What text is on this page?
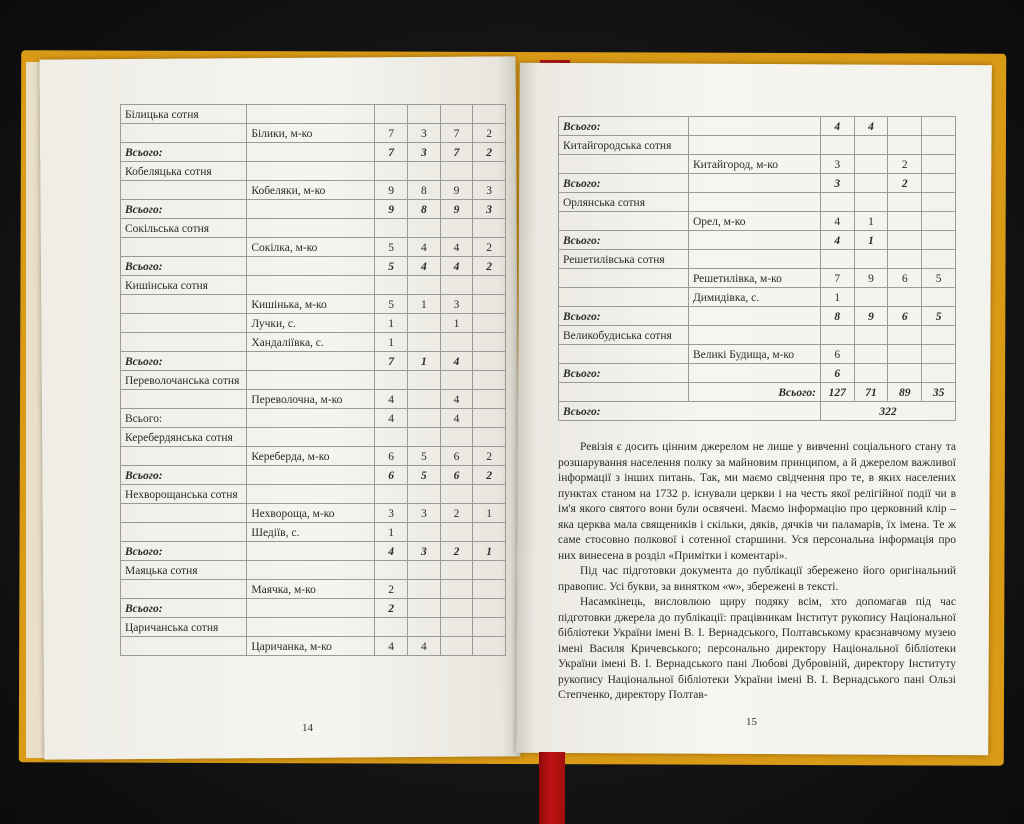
Білицька сотня					
	Білики, м-ко	7	3	7	2
Всього:		7	3	7	2
Кобеляцька сотня					
	Кобеляки, м-ко	9	8	9	3
Всього:		9	8	9	3
Сокільська сотня					
	Сокілка, м-ко	5	4	4	2
Всього:		5	4	4	2
Кишінська сотня					
	Кишінька, м-ко	5	1	3	
	Лучки, с.	1		1	
	Хандаліївка, с.	1			
Всього:		7	1	4	
Переволочанська сотня					
	Переволочна, м-ко	4		4	
Всього:		4		4	
Керебердянська сотня					
	Кереберда, м-ко	6	5	6	2
Всього:		6	5	6	2
Нехворощанська сотня					
	Нехвороща, м-ко	3	3	2	1
	Шедіїв, с.	1			
Всього:		4	3	2	1
Маяцька сотня					
	Маячка, м-ко	2			
Всього:		2			
Царичанська сотня					
	Царичанка, м-ко	4	4		
Всього:		4	4		
Китайгородська сотня					
	Китайгород, м-ко	3		2	
Всього:		3		2	
Орлянська сотня					
	Орел, м-ко	4	1		
Всього:		4	1		
Решетилівська сотня					
	Решетилівка, м-ко	7	9	6	5
	Димидівка, с.	1			
Всього:		8	9	6	5
Великобудиська сотня					
	Великі Будища, м-ко	6			
Всього:		6			
	Всього:	127	71	89	35
Всього:		322			

Ревізія є досить цінним джерелом не лише у вивченні соціального стану та розшарування населення полку за майновим принципом, а й джерелом важливої інформації з інших питань. Так, ми маємо свідчення про те, в яких населених пунктах станом на 1732 р. існували церкви і на честь якої релігійної події чи в ім'я якого святого вони були освячені. Маємо інформацію про церковний клір – яка церква мала священиків і скільки, дяків, дячків чи паламарів, їх імена. Те ж саме стосовно полкової і сотенної старшини. Уся персональна інформація про них винесена в розділ «Примітки і коментарі».

Під час підготовки документа до публікації збережено його оригінальний правопис. Усі букви, за винятком «ѡ», збережені в тексті.

Насамкінець, висловлюю щиру подяку всім, хто допомагав під час підготовки джерела до публікації: працівникам Інститут рукопису Національної бібліотеки України імені В. І. Вернадського, Полтавському краєзнавчому музею імені Василя Кричевського; персонально директору Національної бібліотеки України імені В. І. Вернадського пані Любові Дубровіній, директору Інституту рукопису Національної бібліотеки України імені В. І. Вернадського пані Ользі Степченко, директору Полтав-

14	15
